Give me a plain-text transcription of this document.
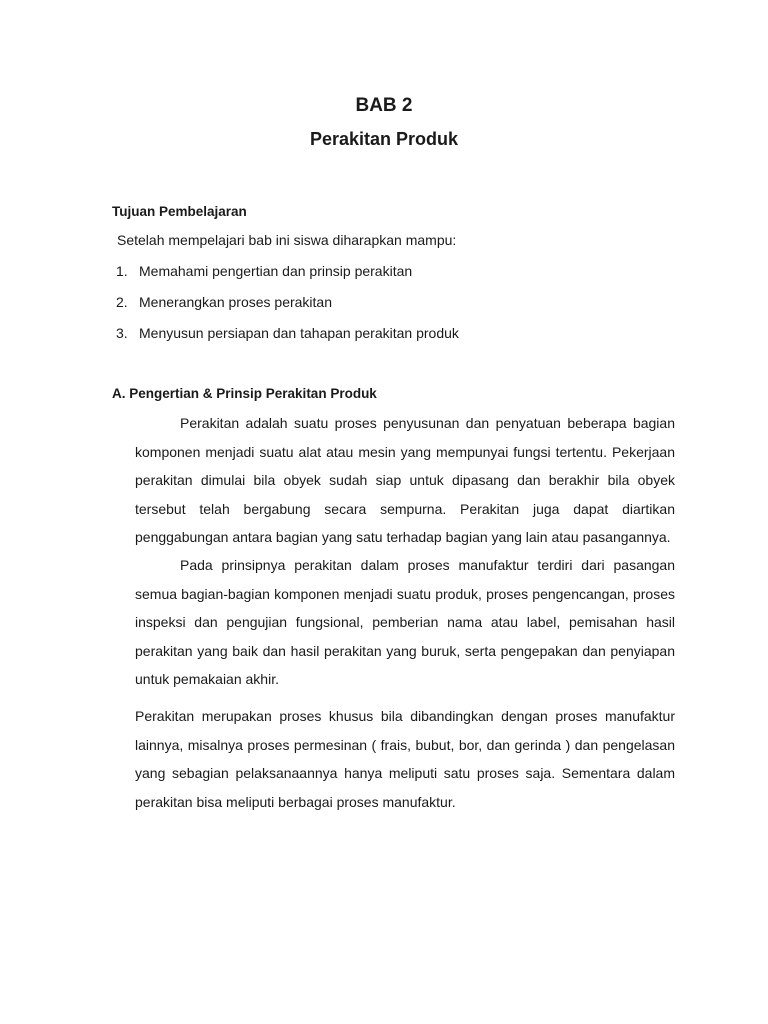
BAB 2
Perakitan Produk
Tujuan Pembelajaran
Setelah mempelajari bab ini siswa diharapkan mampu:
1. Memahami pengertian dan prinsip perakitan
2. Menerangkan proses perakitan
3. Menyusun persiapan dan tahapan perakitan produk
A. Pengertian & Prinsip Perakitan Produk

Perakitan adalah suatu proses penyusunan dan penyatuan beberapa bagian komponen menjadi suatu alat atau mesin yang mempunyai fungsi tertentu. Pekerjaan perakitan dimulai bila obyek sudah siap untuk dipasang dan berakhir bila obyek tersebut telah bergabung secara sempurna. Perakitan juga dapat diartikan penggabungan antara bagian yang satu terhadap bagian yang lain atau pasangannya.

Pada prinsipnya perakitan dalam proses manufaktur terdiri dari pasangan semua bagian-bagian komponen menjadi suatu produk, proses pengencangan, proses inspeksi dan pengujian fungsional, pemberian nama atau label, pemisahan hasil perakitan yang baik dan hasil perakitan yang buruk, serta pengepakan dan penyiapan untuk pemakaian akhir.

Perakitan merupakan proses khusus bila dibandingkan dengan proses manufaktur lainnya, misalnya proses permesinan ( frais, bubut, bor, dan gerinda ) dan pengelasan yang sebagian pelaksanaannya hanya meliputi satu proses saja. Sementara dalam perakitan bisa meliputi berbagai proses manufaktur.
